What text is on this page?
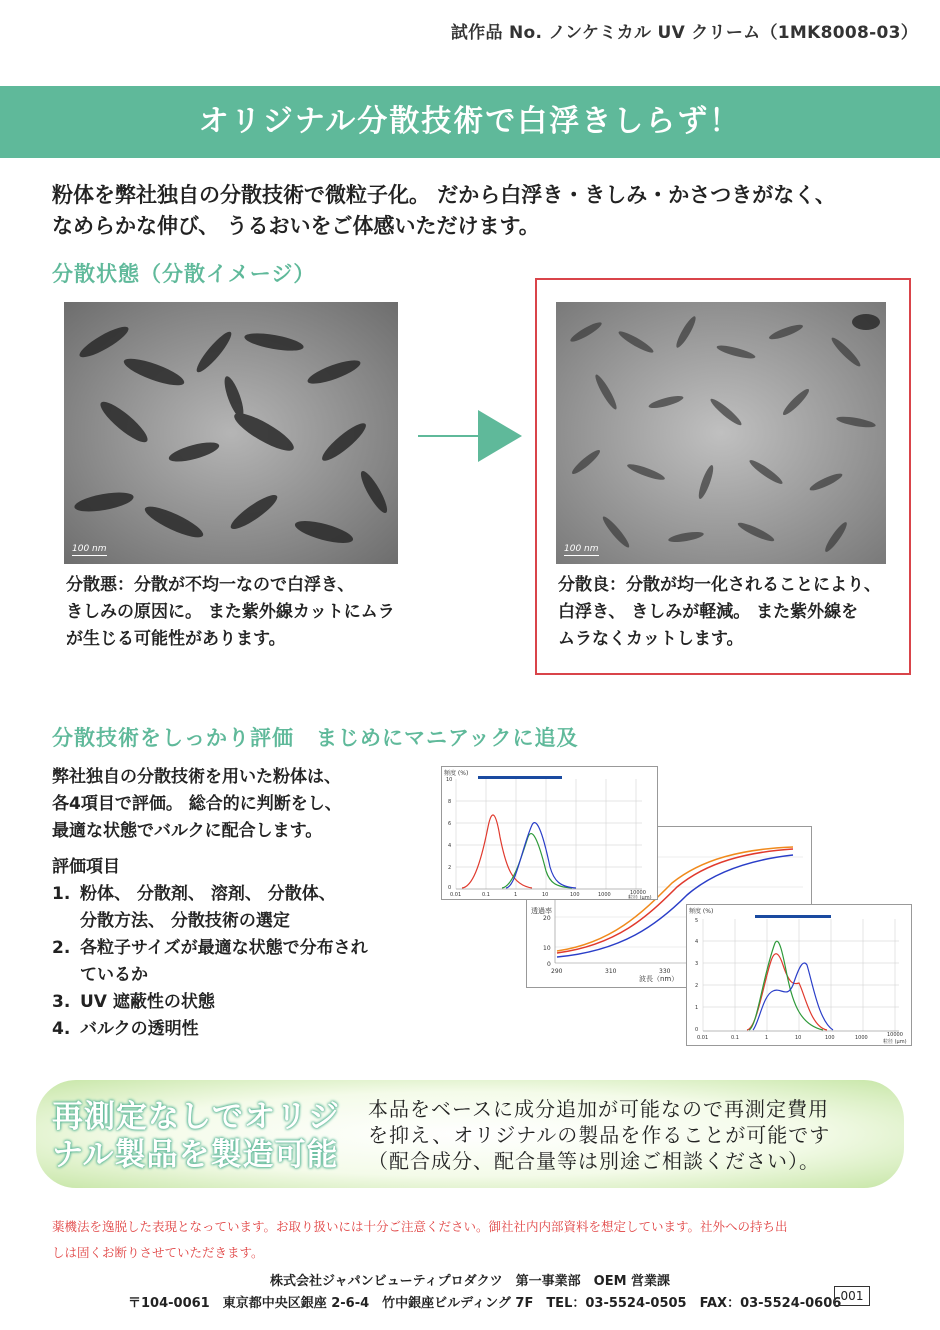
試作品 No. ノンケミカル UV クリーム（1MK8008-03）
オリジナル分散技術で白浮きしらず！
粉体を弊社独自の分散技術で微粒子化。 だから白浮き・きしみ・かさつきがなく、
なめらかな伸び、 うるおいをご体感いただけます。
分散状態（分散イメージ）
100 nm	100 nm
分散悪：分散が不均一なので白浮き、
きしみの原因に。 また紫外線カットにムラ
が生じる可能性があります。
分散良：分散が均一化されることにより、
白浮き、 きしみが軽減。 また紫外線を
ムラなくカットします。
分散技術をしっかり評価　まじめにマニアックに追及
弊社独自の分散技術を用いた粉体は、
各4項目で評価。 総合的に判断をし、
最適な状態でバルクに配合します。
評価項目
1. 粉体、 分散剤、 溶剤、 分散体、
分散方法、 分散技術の選定
2. 各粒子サイズが最適な状態で分布され
ているか
3. UV 遮蔽性の状態
4. バルクの透明性
透過率
波長（nm）
290	310	330
20
10
0
頻度 (%)
0.01	0.1	1	10	100	1000	10000
粒径 (μm)
10
8
6
4
2
0
頻度 (%)
0.01	0.1	1	10	100	1000	10000
粒径 (μm)
5
4
3
2
1
0
再測定なしでオリジ
ナル製品を製造可能
本品をベースに成分追加が可能なので再測定費用
を抑え、オリジナルの製品を作ることが可能です
（配合成分、配合量等は別途ご相談ください）。
薬機法を逸脱した表現となっています。お取り扱いには十分ご注意ください。御社社内内部資料を想定しています。社外への持ち出
しは固くお断りさせていただきます。
株式会社ジャパンビューティプロダクツ　第一事業部　OEM 営業課
〒104-0061　東京都中央区銀座 2-6-4　竹中銀座ビルディング 7F　TEL：03-5524-0505　FAX：03-5524-0606 001
